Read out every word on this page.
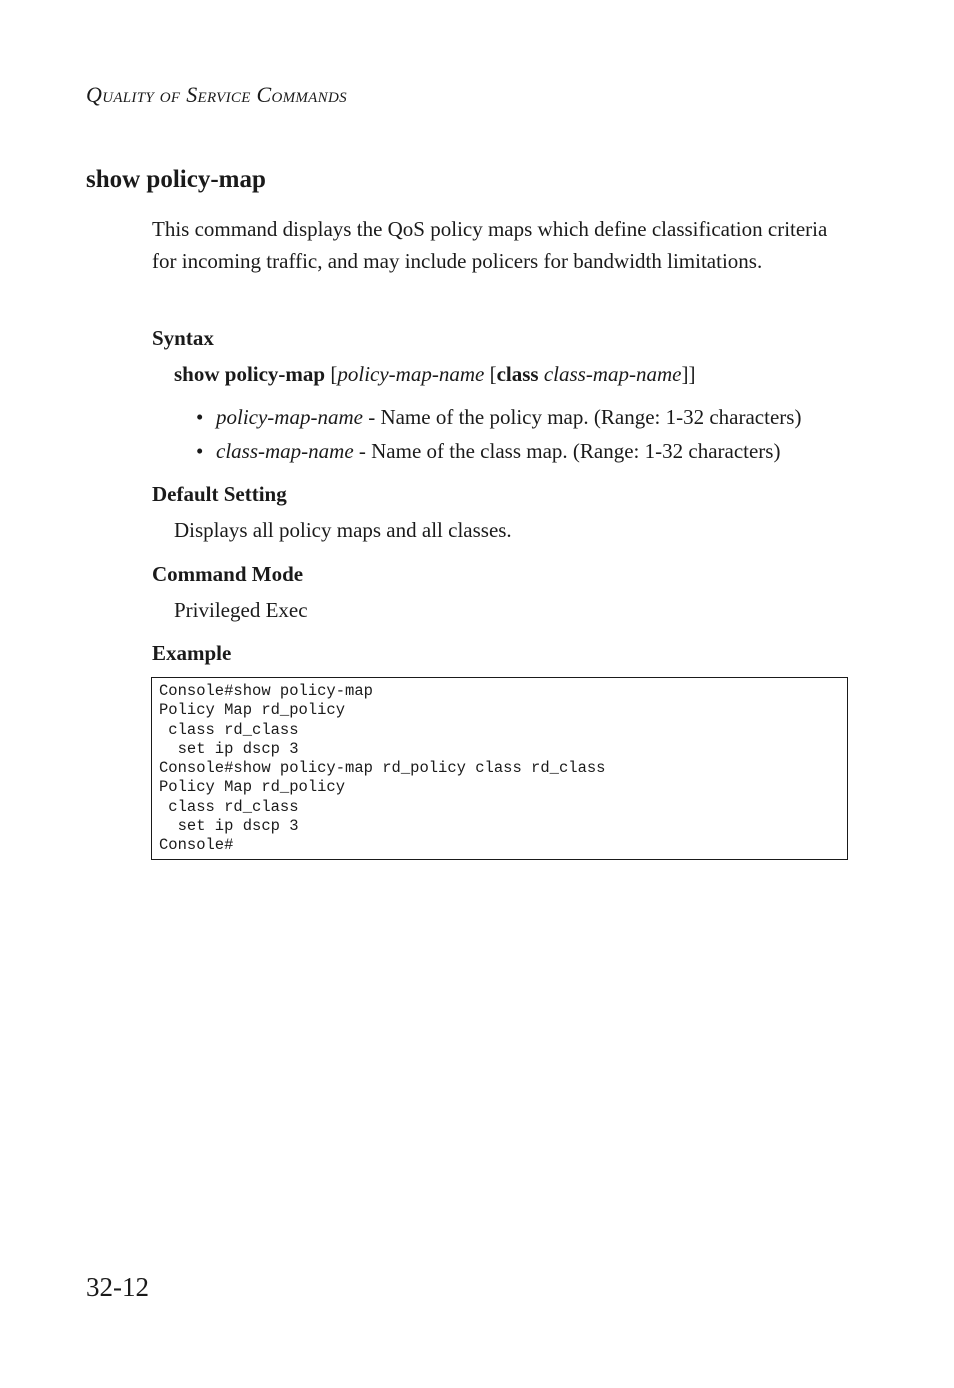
Quality of Service Commands
show policy-map

This command displays the QoS policy maps which define classification criteria for incoming traffic, and may include policers for bandwidth limitations.

Syntax

show policy-map [policy-map-name [class class-map-name]]

• policy-map-name - Name of the policy map. (Range: 1-32 characters)
• class-map-name - Name of the class map. (Range: 1-32 characters)
Default Setting

Displays all policy maps and all classes.

Command Mode

Privileged Exec

Example
Console#show policy-map
Policy Map rd_policy
class rd_class
set ip dscp 3
Console#show policy-map rd_policy class rd_class
Policy Map rd_policy
class rd_class
set ip dscp 3
Console#
32-12
